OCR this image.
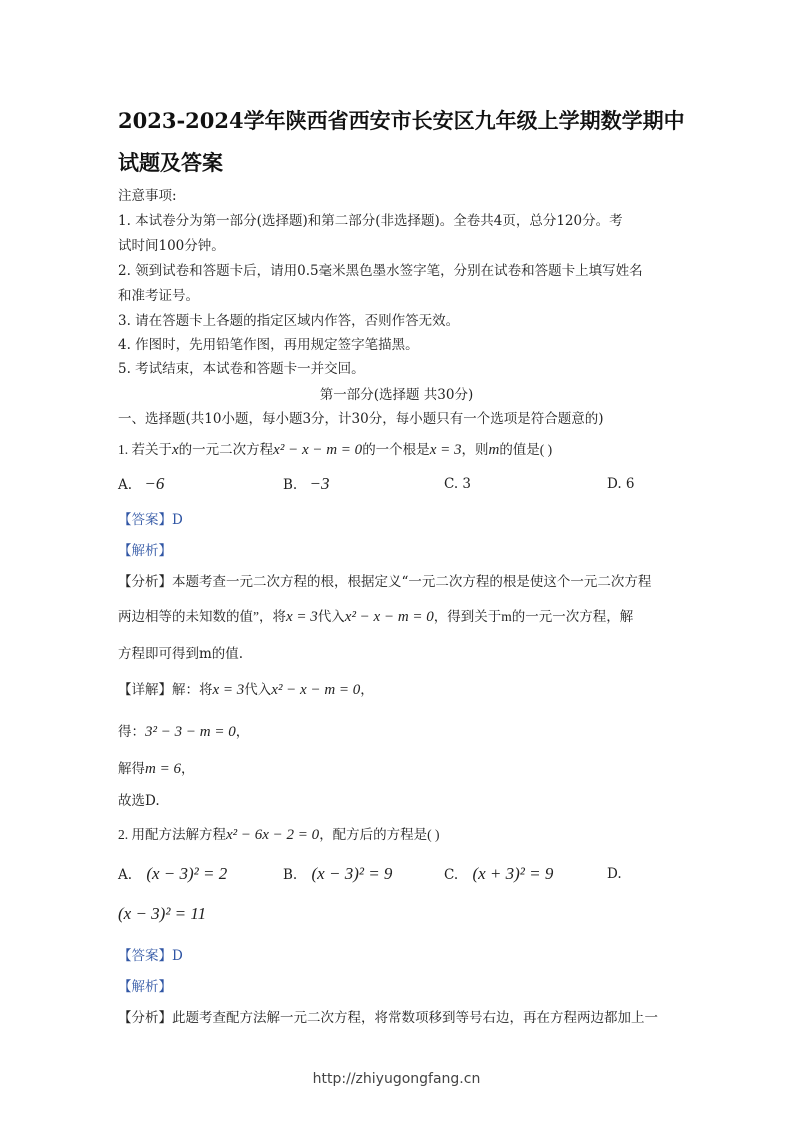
2023-2024学年陕西省西安市长安区九年级上学期数学期中
试题及答案
注意事项:
1. 本试卷分为第一部分(选择题)和第二部分(非选择题)。全卷共4页，总分120分。考
试时间100分钟。
2. 领到试卷和答题卡后，请用0.5毫米黑色墨水签字笔，分别在试卷和答题卡上填写姓名
和准考证号。
3. 请在答题卡上各题的指定区域内作答，否则作答无效。
4. 作图时，先用铅笔作图，再用规定签字笔描黑。
5. 考试结束，本试卷和答题卡一并交回。
第一部分(选择题 共30分)
一、选择题(共10小题，每小题3分，计30分，每小题只有一个选项是符合题意的)
1. 若关于x的一元二次方程x² − x − m = 0的一个根是x = 3，则m的值是( )
A. −6	B. −3	C. 3	D. 6
【答案】D
【解析】
【分析】本题考查一元二次方程的根，根据定义“一元二次方程的根是使这个一元二次方程
两边相等的未知数的值”，将x = 3代入x² − x − m = 0，得到关于m的一元一次方程，解
方程即可得到m的值.
【详解】解：将x = 3代入x² − x − m = 0，
得：3² − 3 − m = 0，
解得m = 6，
故选D.
2. 用配方法解方程x² − 6x − 2 = 0，配方后的方程是( )
A. (x − 3)² = 2	B. (x − 3)² = 9	C. (x + 3)² = 9	D.
(x − 3)² = 11
【答案】D
【解析】
【分析】此题考查配方法解一元二次方程，将常数项移到等号右边，再在方程两边都加上一
http://zhiyugongfang.cn
